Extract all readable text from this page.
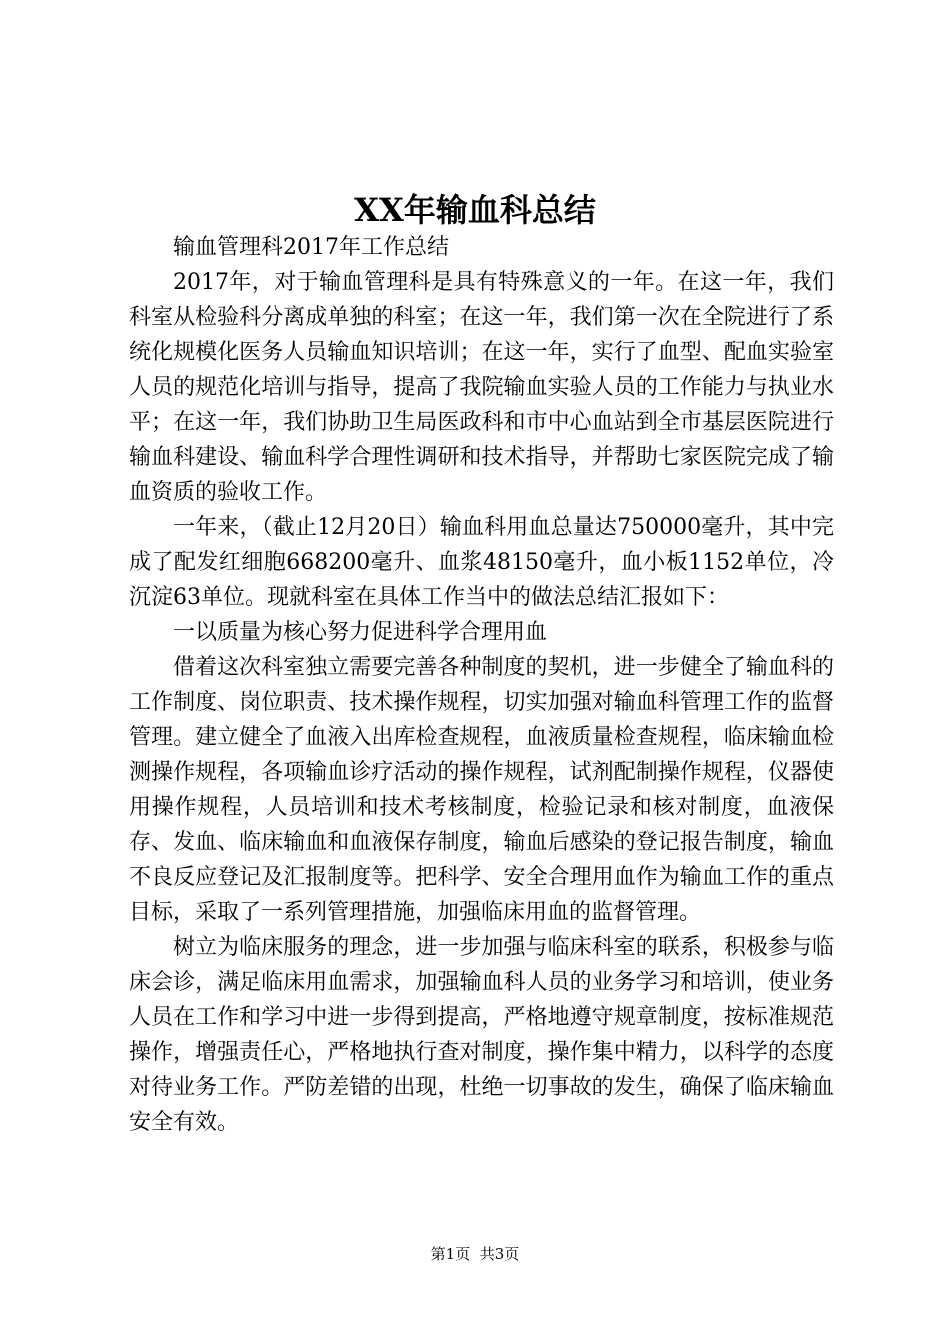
XX年输血科总结

输血管理科2017年工作总结

2017年，对于输血管理科是具有特殊意义的一年。在这一年，我们科室从检验科分离成单独的科室；在这一年，我们第一次在全院进行了系统化规模化医务人员输血知识培训；在这一年，实行了血型、配血实验室人员的规范化培训与指导，提高了我院输血实验人员的工作能力与执业水平；在这一年，我们协助卫生局医政科和市中心血站到全市基层医院进行输血科建设、输血科学合理性调研和技术指导，并帮助七家医院完成了输血资质的验收工作。

一年来，（截止12月20日）输血科用血总量达750000毫升，其中完成了配发红细胞668200毫升、血浆48150毫升，血小板1152单位，冷沉淀63单位。现就科室在具体工作当中的做法总结汇报如下：

一以质量为核心努力促进科学合理用血

借着这次科室独立需要完善各种制度的契机，进一步健全了输血科的工作制度、岗位职责、技术操作规程，切实加强对输血科管理工作的监督管理。建立健全了血液入出库检查规程，血液质量检查规程，临床输血检测操作规程，各项输血诊疗活动的操作规程，试剂配制操作规程，仪器使用操作规程，人员培训和技术考核制度，检验记录和核对制度，血液保存、发血、临床输血和血液保存制度，输血后感染的登记报告制度，输血不良反应登记及汇报制度等。把科学、安全合理用血作为输血工作的重点目标，采取了一系列管理措施，加强临床用血的监督管理。

树立为临床服务的理念，进一步加强与临床科室的联系，积极参与临床会诊，满足临床用血需求，加强输血科人员的业务学习和培训，使业务人员在工作和学习中进一步得到提高，严格地遵守规章制度，按标准规范操作，增强责任心，严格地执行查对制度，操作集中精力，以科学的态度对待业务工作。严防差错的出现，杜绝一切事故的发生，确保了临床输血安全有效。

第1页 共3页
